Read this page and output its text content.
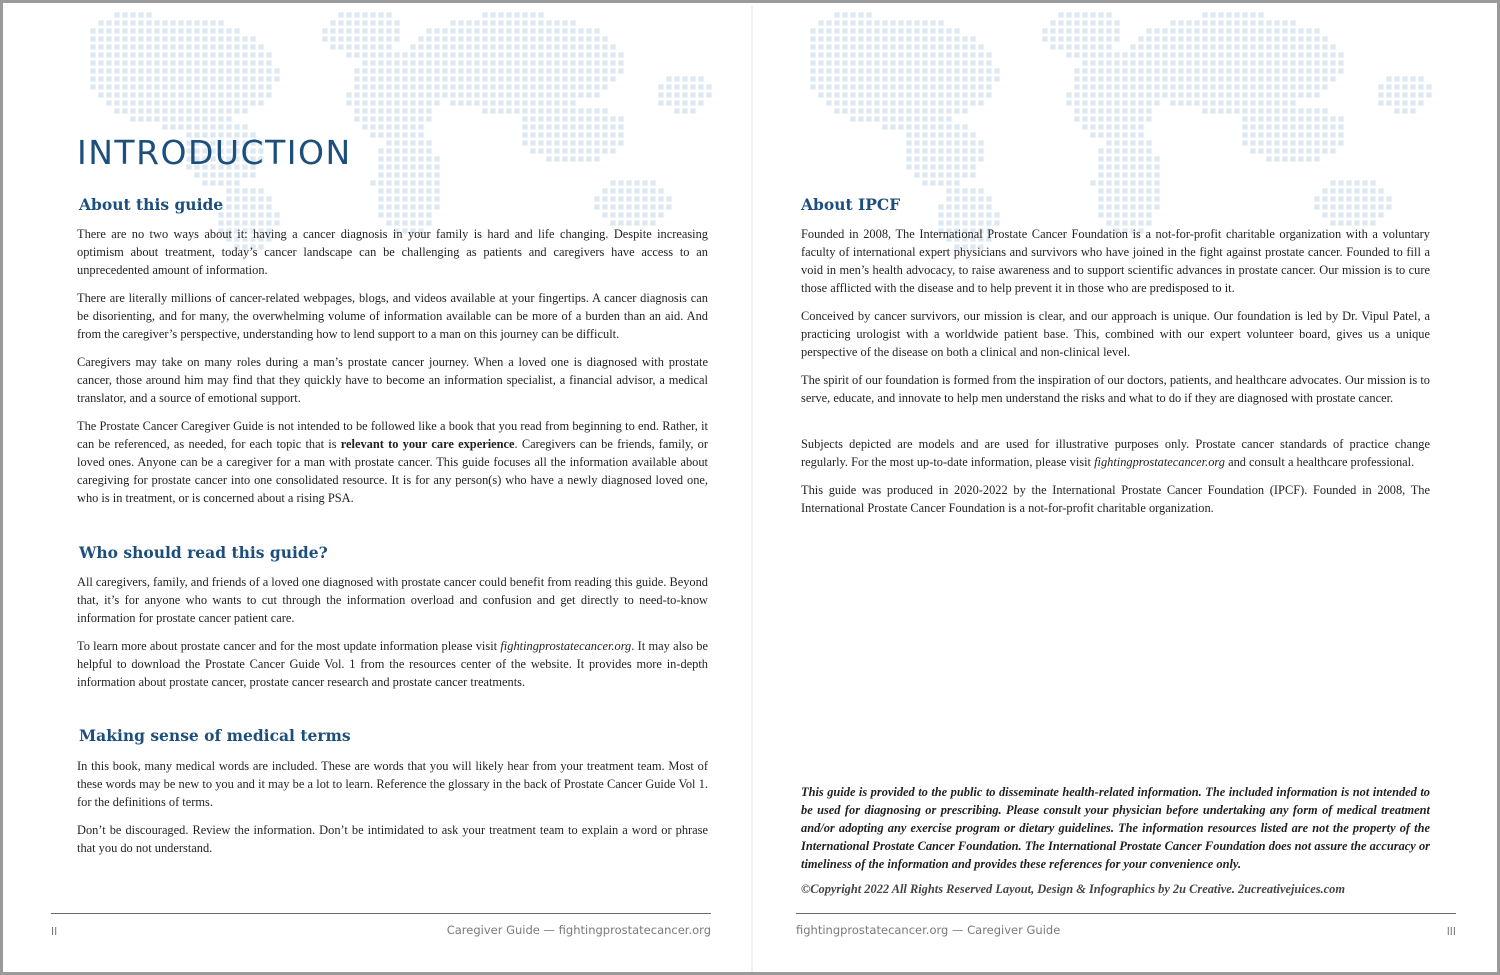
INTRODUCTION
About this guide

There are no two ways about it: having a cancer diagnosis in your family is hard and life changing. Despite increasing optimism about treatment, today’s cancer landscape can be challenging as patients and caregivers have access to an unprecedented amount of information.

There are literally millions of cancer-related webpages, blogs, and videos available at your fingertips. A cancer diagnosis can be disorienting, and for many, the overwhelming volume of information available can be more of a burden than an aid. And from the caregiver’s perspective, understanding how to lend support to a man on this journey can be difficult.

Caregivers may take on many roles during a man’s prostate cancer journey. When a loved one is diagnosed with prostate cancer, those around him may find that they quickly have to become an information specialist, a financial advisor, a medical translator, and a source of emotional support.

The Prostate Cancer Caregiver Guide is not intended to be followed like a book that you read from beginning to end. Rather, it can be referenced, as needed, for each topic that is relevant to your care experience. Caregivers can be friends, family, or loved ones. Anyone can be a caregiver for a man with prostate cancer. This guide focuses all the information available about caregiving for prostate cancer into one consolidated resource. It is for any person(s) who have a newly diagnosed loved one, who is in treatment, or is concerned about a rising PSA.

Who should read this guide?

All caregivers, family, and friends of a loved one diagnosed with prostate cancer could benefit from reading this guide. Beyond that, it’s for anyone who wants to cut through the information overload and confusion and get directly to need-to-know information for prostate cancer patient care.

To learn more about prostate cancer and for the most update information please visit fightingprostatecancer.org. It may also be helpful to download the Prostate Cancer Guide Vol. 1 from the resources center of the website. It provides more in-depth information about prostate cancer, prostate cancer research and prostate cancer treatments.

Making sense of medical terms

In this book, many medical words are included. These are words that you will likely hear from your treatment team. Most of these words may be new to you and it may be a lot to learn. Reference the glossary in the back of Prostate Cancer Guide Vol 1. for the definitions of terms.

Don’t be discouraged. Review the information. Don’t be intimidated to ask your treatment team to explain a word or phrase that you do not understand.

II	Caregiver Guide — fightingprostatecancer.org
About IPCF

Founded in 2008, The International Prostate Cancer Foundation is a not-for-profit charitable organization with a voluntary faculty of international expert physicians and survivors who have joined in the fight against prostate cancer. Founded to fill a void in men’s health advocacy, to raise awareness and to support scientific advances in prostate cancer. Our mission is to cure those afflicted with the disease and to help prevent it in those who are predisposed to it.

Conceived by cancer survivors, our mission is clear, and our approach is unique. Our foundation is led by Dr. Vipul Patel, a practicing urologist with a worldwide patient base. This, combined with our expert volunteer board, gives us a unique perspective of the disease on both a clinical and non-clinical level.

The spirit of our foundation is formed from the inspiration of our doctors, patients, and healthcare advocates. Our mission is to serve, educate, and innovate to help men understand the risks and what to do if they are diagnosed with prostate cancer.

Subjects depicted are models and are used for illustrative purposes only. Prostate cancer standards of practice change regularly. For the most up-to-date information, please visit fightingprostatecancer.org and consult a healthcare professional.

This guide was produced in 2020-2022 by the International Prostate Cancer Foundation (IPCF). Founded in 2008, The International Prostate Cancer Foundation is a not-for-profit charitable organization.

This guide is provided to the public to disseminate health-related information. The included information is not intended to be used for diagnosing or prescribing. Please consult your physician before undertaking any form of medical treatment and/or adopting any exercise program or dietary guidelines. The information resources listed are not the property of the International Prostate Cancer Foundation. The International Prostate Cancer Foundation does not assure the accuracy or timeliness of the information and provides these references for your convenience only.

©Copyright 2022 All Rights Reserved Layout, Design & Infographics by 2u Creative. 2ucreativejuices.com

fightingprostatecancer.org — Caregiver Guide	III
